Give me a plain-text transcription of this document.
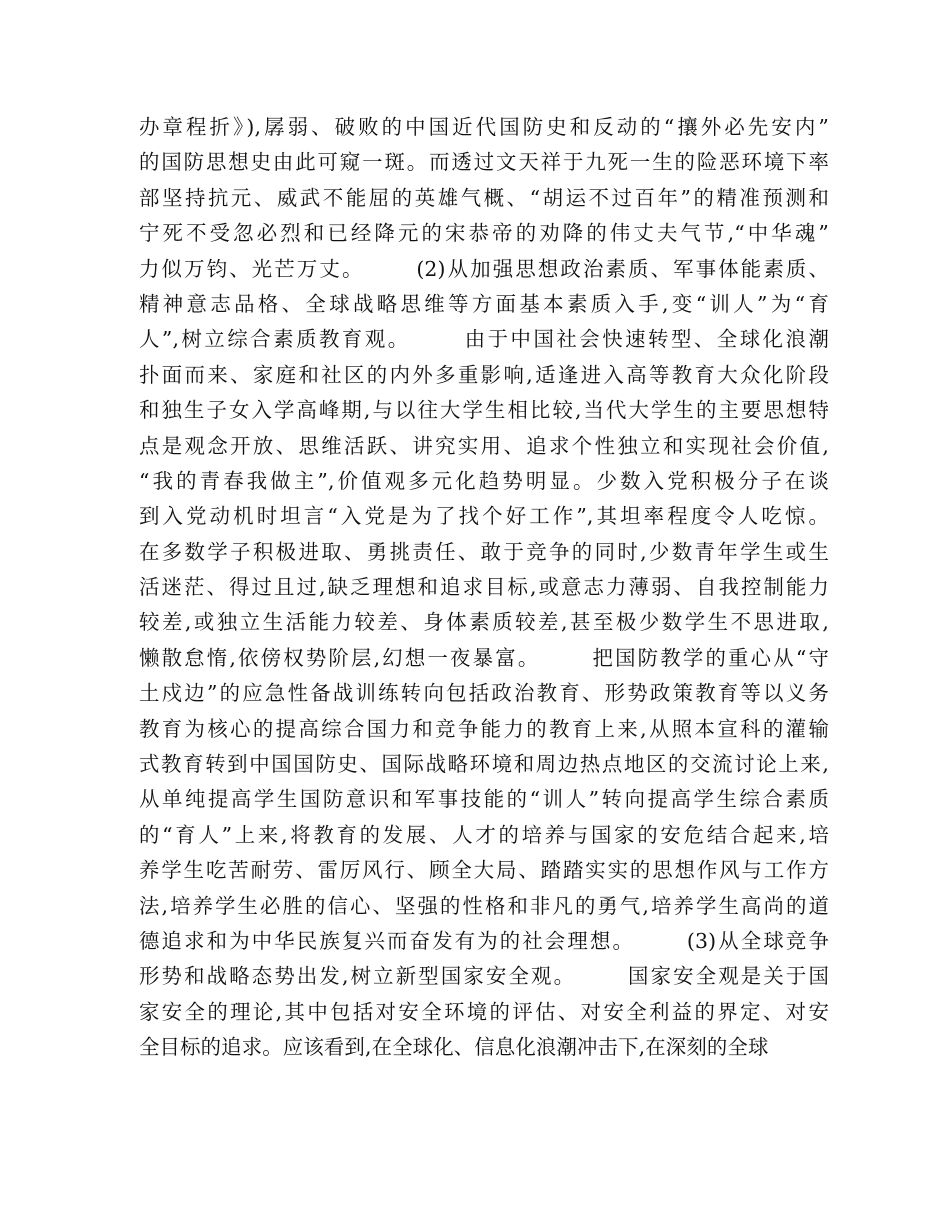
办章程折》),孱弱、破败的中国近代国防史和反动的“攘外必先安内”
的国防思想史由此可窥一斑。而透过文天祥于九死一生的险恶环境下率
部坚持抗元、威武不能屈的英雄气概、“胡运不过百年”的精准预测和
宁死不受忽必烈和已经降元的宋恭帝的劝降的伟丈夫气节,“中华魂”
力似万钧、光芒万丈。      (2)从加强思想政治素质、军事体能素质、
精神意志品格、全球战略思维等方面基本素质入手,变“训人”为“育
人”,树立综合素质教育观。      由于中国社会快速转型、全球化浪潮
扑面而来、家庭和社区的内外多重影响,适逢进入高等教育大众化阶段
和独生子女入学高峰期,与以往大学生相比较,当代大学生的主要思想特
点是观念开放、思维活跃、讲究实用、追求个性独立和实现社会价值,
“我的青春我做主”,价值观多元化趋势明显。少数入党积极分子在谈
到入党动机时坦言“入党是为了找个好工作”,其坦率程度令人吃惊。
在多数学子积极进取、勇挑责任、敢于竞争的同时,少数青年学生或生
活迷茫、得过且过,缺乏理想和追求目标,或意志力薄弱、自我控制能力
较差,或独立生活能力较差、身体素质较差,甚至极少数学生不思进取,
懒散怠惰,依傍权势阶层,幻想一夜暴富。      把国防教学的重心从“守
土戍边”的应急性备战训练转向包括政治教育、形势政策教育等以义务
教育为核心的提高综合国力和竞争能力的教育上来,从照本宣科的灌输
式教育转到中国国防史、国际战略环境和周边热点地区的交流讨论上来,
从单纯提高学生国防意识和军事技能的“训人”转向提高学生综合素质
的“育人”上来,将教育的发展、人才的培养与国家的安危结合起来,培
养学生吃苦耐劳、雷厉风行、顾全大局、踏踏实实的思想作风与工作方
法,培养学生必胜的信心、坚强的性格和非凡的勇气,培养学生高尚的道
德追求和为中华民族复兴而奋发有为的社会理想。      (3)从全球竞争
形势和战略态势出发,树立新型国家安全观。      国家安全观是关于国
家安全的理论,其中包括对安全环境的评估、对安全利益的界定、对安
全目标的追求。应该看到,在全球化、信息化浪潮冲击下,在深刻的全球
